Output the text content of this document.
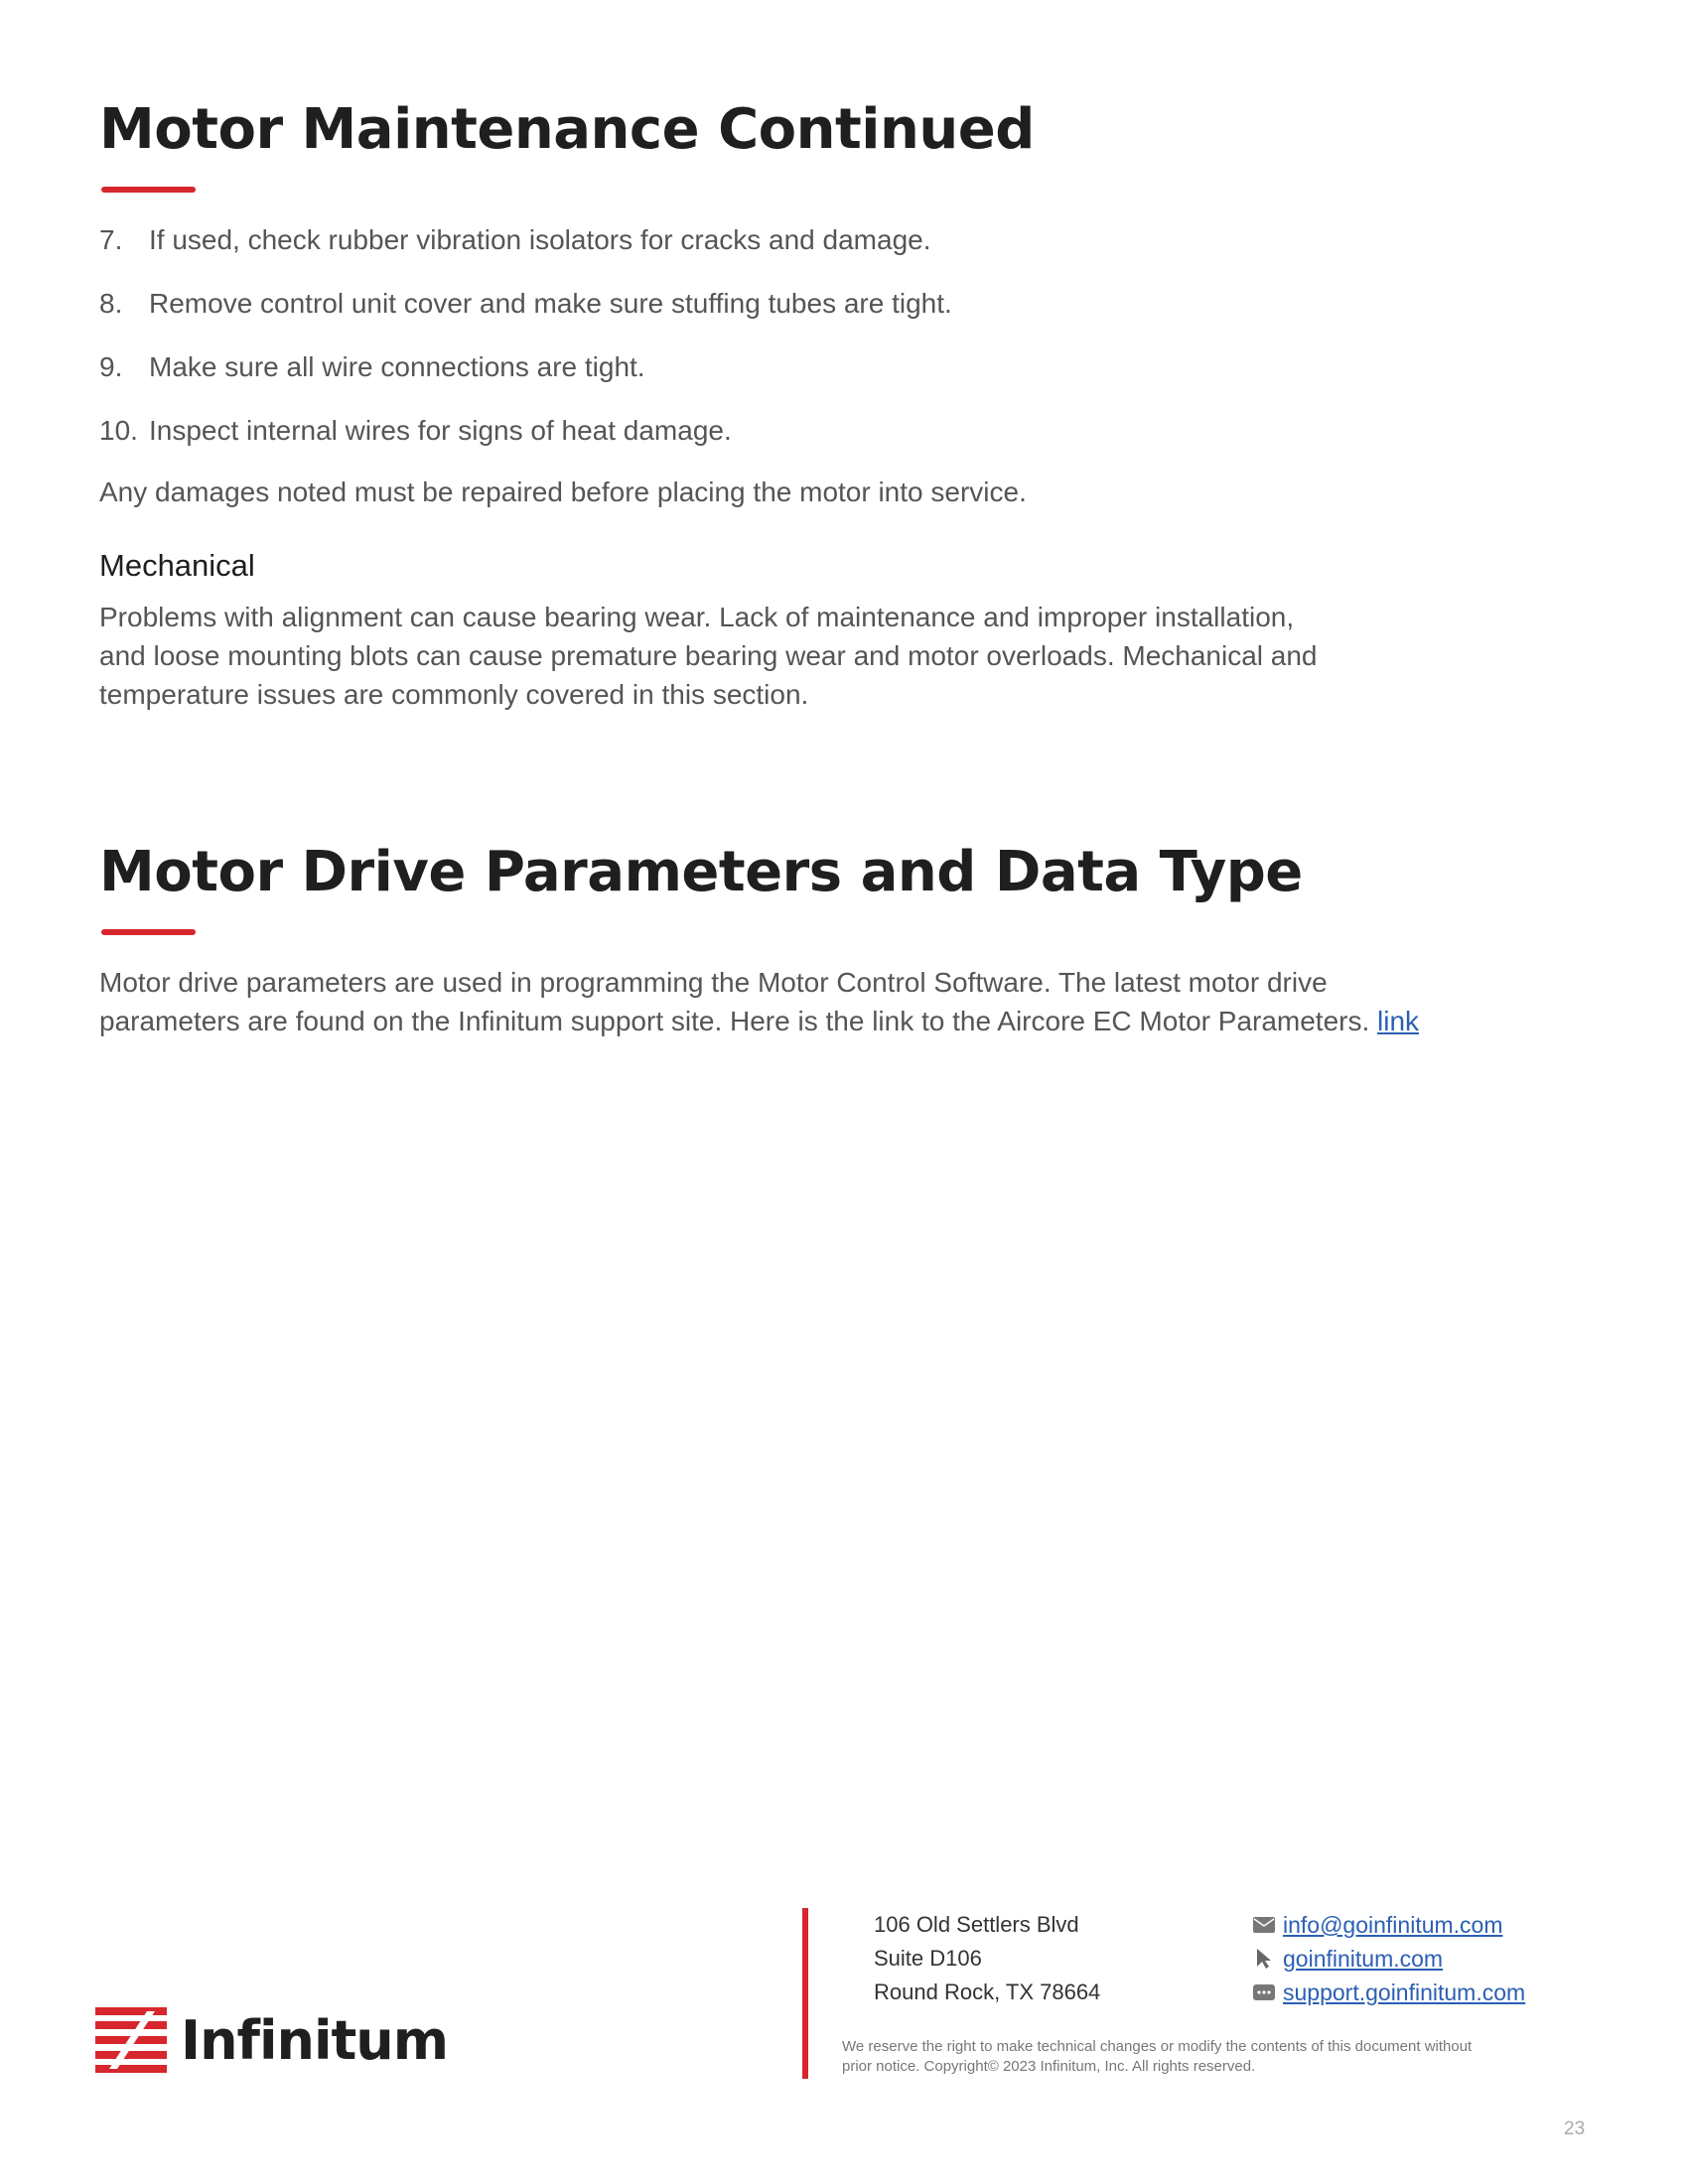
Motor Maintenance Continued
7. If used, check rubber vibration isolators for cracks and damage.
8. Remove control unit cover and make sure stuffing tubes are tight.
9. Make sure all wire connections are tight.
10. Inspect internal wires for signs of heat damage.

Any damages noted must be repaired before placing the motor into service.

Mechanical
Problems with alignment can cause bearing wear. Lack of maintenance and improper installation,
and loose mounting blots can cause premature bearing wear and motor overloads. Mechanical and
temperature issues are commonly covered in this section.
Motor Drive Parameters and Data Type
Motor drive parameters are used in programming the Motor Control Software. The latest motor drive
parameters are found on the Infinitum support site. Here is the link to the Aircore EC Motor Parameters. link
Infinitum
106 Old Settlers Blvd
Suite D106
Round Rock, TX 78664
info@goinfinitum.com
goinfinitum.com
support.goinfinitum.com
We reserve the right to make technical changes or modify the contents of this document without
prior notice. Copyright© 2023 Infinitum, Inc. All rights reserved.
23
